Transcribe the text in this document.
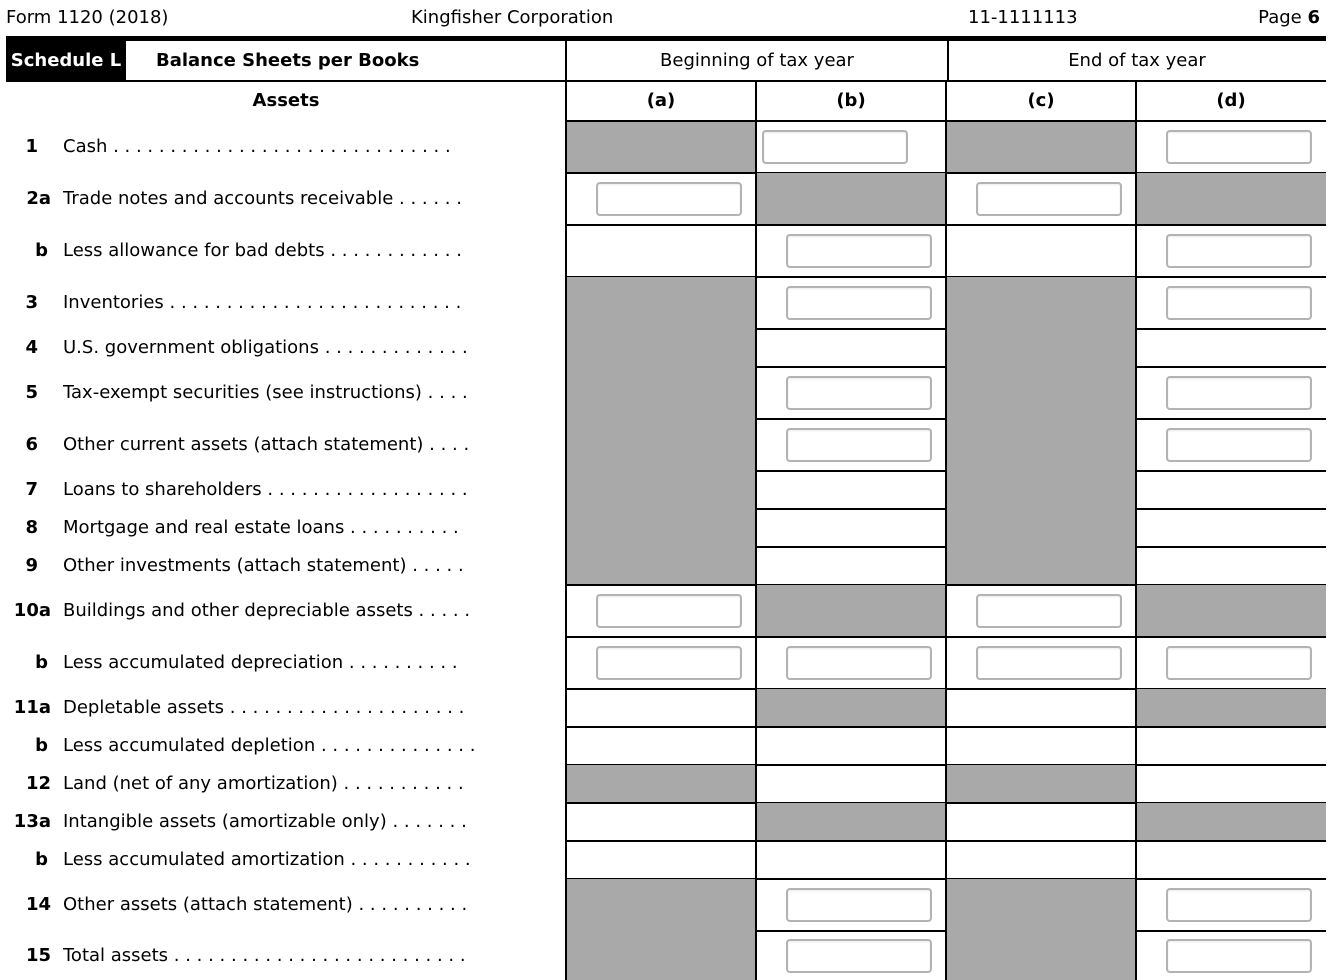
Form 1120 (2018)	Kingfisher Corporation	11-1111113	Page 6
Schedule L Balance Sheets per Books	Beginning of tax year	End of tax year
Assets	(a)	(b)	(c)	(d)
1 Cash . . . . . . . . . . . . . . . . . . . . . . . . . . . . . .
2a Trade notes and accounts receivable . . . . . .
b Less allowance for bad debts . . . . . . . . . . . .
3 Inventories . . . . . . . . . . . . . . . . . . . . . . . . . .
4 U.S. government obligations . . . . . . . . . . . . .
5 Tax-exempt securities (see instructions) . . . .
6 Other current assets (attach statement) . . . .
7 Loans to shareholders . . . . . . . . . . . . . . . . . .
8 Mortgage and real estate loans . . . . . . . . . .
9 Other investments (attach statement) . . . . .
10a Buildings and other depreciable assets . . . . .
b Less accumulated depreciation . . . . . . . . . .
11a Depletable assets . . . . . . . . . . . . . . . . . . . . .
b Less accumulated depletion . . . . . . . . . . . . . .
12 Land (net of any amortization) . . . . . . . . . . .
13a Intangible assets (amortizable only) . . . . . . .
b Less accumulated amortization . . . . . . . . . . .
14 Other assets (attach statement) . . . . . . . . . .
15 Total assets . . . . . . . . . . . . . . . . . . . . . . . . . .
